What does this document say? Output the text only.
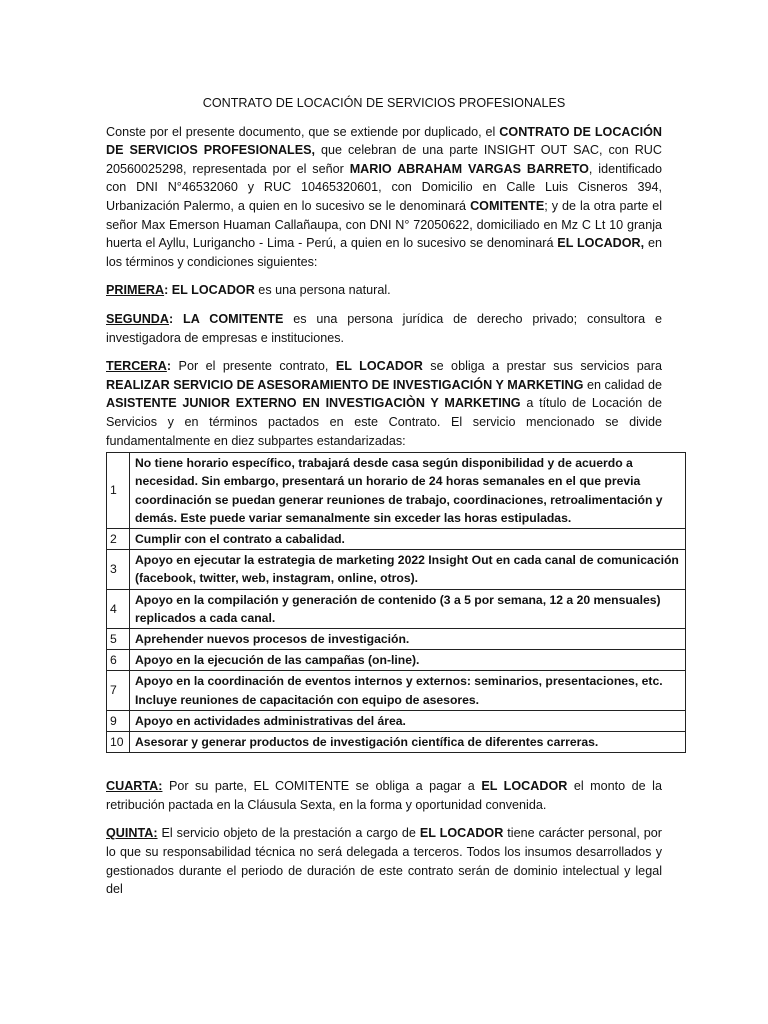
CONTRATO DE LOCACIÓN DE SERVICIOS PROFESIONALES

Conste por el presente documento, que se extiende por duplicado, el CONTRATO DE LOCACIÓN DE SERVICIOS PROFESIONALES, que celebran de una parte INSIGHT OUT SAC, con RUC 20560025298, representada por el señor MARIO ABRAHAM VARGAS BARRETO, identificado con DNI N°46532060 y RUC 10465320601, con Domicilio en Calle Luis Cisneros 394, Urbanización Palermo, a quien en lo sucesivo se le denominará COMITENTE; y de la otra parte el señor Max Emerson Huaman Callañaupa, con DNI N° 72050622, domiciliado en Mz C Lt 10 granja huerta el Ayllu, Lurigancho - Lima - Perú, a quien en lo sucesivo se denominará EL LOCADOR, en los términos y condiciones siguientes:

PRIMERA: EL LOCADOR es una persona natural.

SEGUNDA: LA COMITENTE es una persona jurídica de derecho privado; consultora e investigadora de empresas e instituciones.

TERCERA: Por el presente contrato, EL LOCADOR se obliga a prestar sus servicios para REALIZAR SERVICIO DE ASESORAMIENTO DE INVESTIGACIÓN Y MARKETING en calidad de ASISTENTE JUNIOR EXTERNO EN INVESTIGACIÒN Y MARKETING a título de Locación de Servicios y en términos pactados en este Contrato. El servicio mencionado se divide fundamentalmente en diez subpartes estandarizadas:

1	No tiene horario específico, trabajará desde casa según disponibilidad y de acuerdo a necesidad. Sin embargo, presentará un horario de 24 horas semanales en el que previa coordinación se puedan generar reuniones de trabajo, coordinaciones, retroalimentación y demás. Este puede variar semanalmente sin exceder las horas estipuladas.
2	Cumplir con el contrato a cabalidad.
3	Apoyo en ejecutar la estrategia de marketing 2022 Insight Out en cada canal de comunicación (facebook, twitter, web, instagram, online, otros).
4	Apoyo en la compilación y generación de contenido (3 a 5 por semana, 12 a 20 mensuales) replicados a cada canal.
5	Aprehender nuevos procesos de investigación.
6	Apoyo en la ejecución de las campañas (on-line).
7	Apoyo en la coordinación de eventos internos y externos: seminarios, presentaciones, etc. Incluye reuniones de capacitación con equipo de asesores.
9	Apoyo en actividades administrativas del área.
10	Asesorar y generar productos de investigación científica de diferentes carreras.

CUARTA: Por su parte, EL COMITENTE se obliga a pagar a EL LOCADOR el monto de la retribución pactada en la Cláusula Sexta, en la forma y oportunidad convenida.

QUINTA: El servicio objeto de la prestación a cargo de EL LOCADOR tiene carácter personal, por lo que su responsabilidad técnica no será delegada a terceros. Todos los insumos desarrollados y gestionados durante el periodo de duración de este contrato serán de dominio intelectual y legal del
